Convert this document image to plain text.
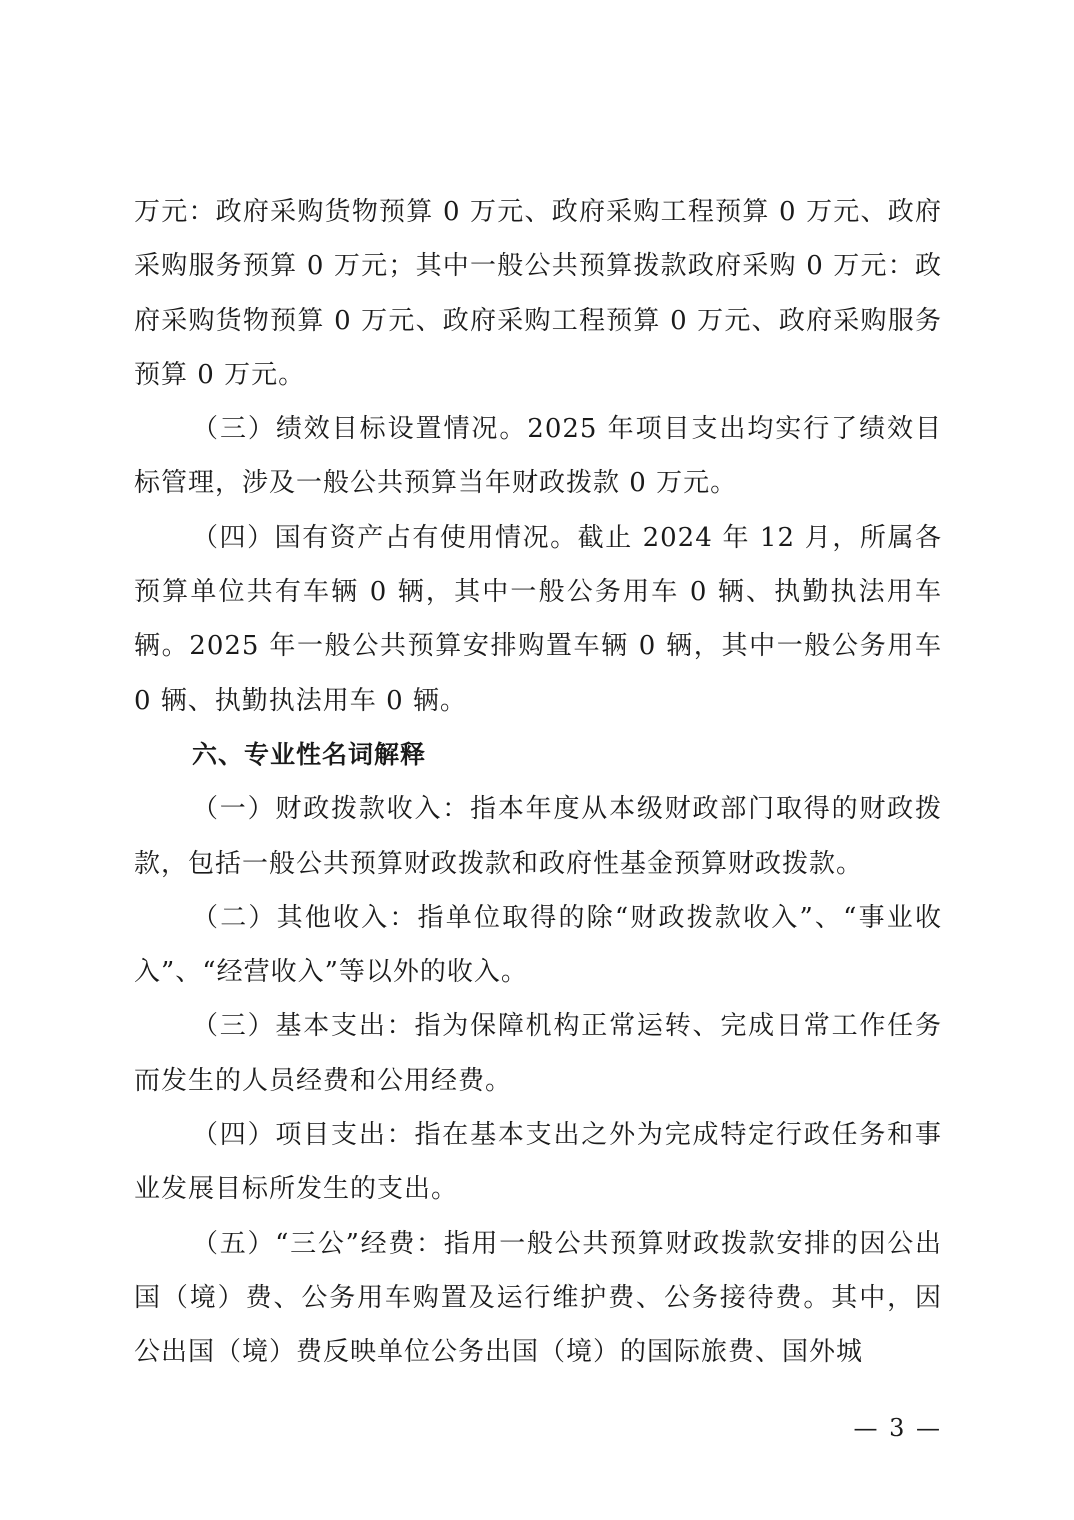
万元：政府采购货物预算 0 万元、政府采购工程预算 0 万元、政府采购服务预算 0 万元；其中一般公共预算拨款政府采购 0 万元：政府采购货物预算 0 万元、政府采购工程预算 0 万元、政府采购服务预算 0 万元。

（三）绩效目标设置情况。2025 年项目支出均实行了绩效目标管理，涉及一般公共预算当年财政拨款 0 万元。

（四）国有资产占有使用情况。截止 2024 年 12 月，所属各预算单位共有车辆 0 辆，其中一般公务用车 0 辆、执勤执法用车辆。2025 年一般公共预算安排购置车辆 0 辆，其中一般公务用车 0 辆、执勤执法用车 0 辆。

六、专业性名词解释

（一）财政拨款收入：指本年度从本级财政部门取得的财政拨款，包括一般公共预算财政拨款和政府性基金预算财政拨款。

（二）其他收入：指单位取得的除“财政拨款收入”、“事业收入”、“经营收入”等以外的收入。

（三）基本支出：指为保障机构正常运转、完成日常工作任务而发生的人员经费和公用经费。

（四）项目支出：指在基本支出之外为完成特定行政任务和事业发展目标所发生的支出。

（五）“三公”经费：指用一般公共预算财政拨款安排的因公出国（境）费、公务用车购置及运行维护费、公务接待费。其中，因公出国（境）费反映单位公务出国（境）的国际旅费、国外城

— 3 —
